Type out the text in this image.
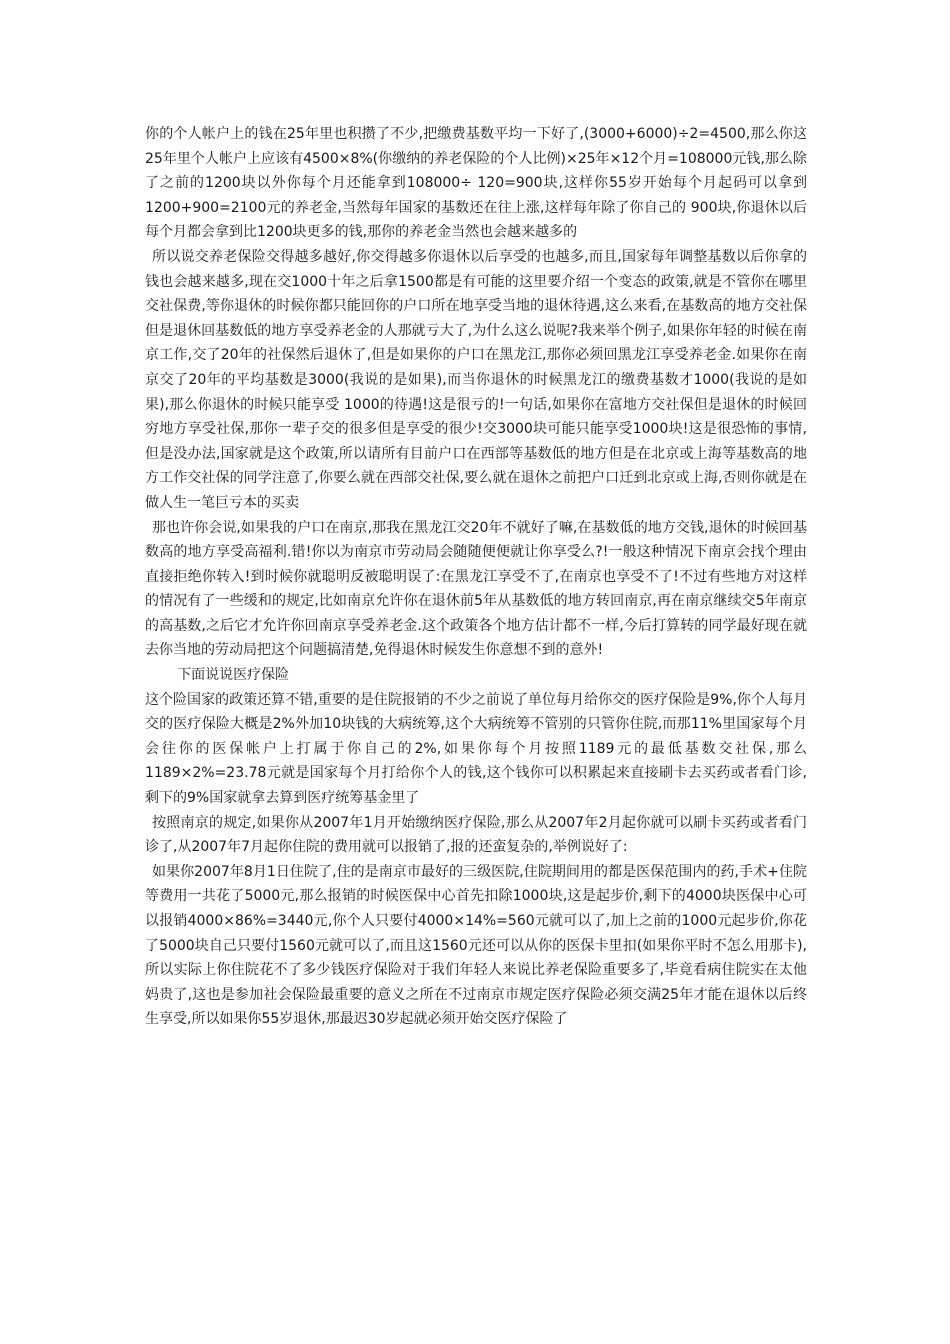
你的个人帐户上的钱在25年里也积攒了不少,把缴费基数平均一下好了,(3000+6000)÷2=4500,那么你这25年里个人帐户上应该有4500×8%(你缴纳的养老保险的个人比例)×25年×12个月=108000元钱,那么除了之前的1200块以外你每个月还能拿到108000÷ 120=900块,这样你55岁开始每个月起码可以拿到1200+900=2100元的养老金,当然每年国家的基数还在往上涨,这样每年除了你自己的 900块,你退休以后每个月都会拿到比1200块更多的钱,那你的养老金当然也会越来越多的

所以说交养老保险交得越多越好,你交得越多你退休以后享受的也越多,而且,国家每年调整基数以后你拿的钱也会越来越多,现在交1000十年之后拿1500都是有可能的这里要介绍一个变态的政策,就是不管你在哪里交社保费,等你退休的时候你都只能回你的户口所在地享受当地的退休待遇,这么来看,在基数高的地方交社保但是退休回基数低的地方享受养老金的人那就亏大了,为什么这么说呢?我来举个例子,如果你年轻的时候在南京工作,交了20年的社保然后退休了,但是如果你的户口在黑龙江,那你必须回黑龙江享受养老金.如果你在南京交了20年的平均基数是3000(我说的是如果),而当你退休的时候黑龙江的缴费基数才1000(我说的是如果),那么你退休的时候只能享受 1000的待遇!这是很亏的!一句话,如果你在富地方交社保但是退休的时候回穷地方享受社保,那你一辈子交的很多但是享受的很少!交3000块可能只能享受1000块!这是很恐怖的事情,但是没办法,国家就是这个政策,所以请所有目前户口在西部等基数低的地方但是在北京或上海等基数高的地方工作交社保的同学注意了,你要么就在西部交社保,要么就在退休之前把户口迁到北京或上海,否则你就是在做人生一笔巨亏本的买卖

那也许你会说,如果我的户口在南京,那我在黑龙江交20年不就好了嘛,在基数低的地方交钱,退休的时候回基数高的地方享受高福利.错!你以为南京市劳动局会随随便便就让你享受么?!一般这种情况下南京会找个理由直接拒绝你转入!到时候你就聪明反被聪明误了:在黑龙江享受不了,在南京也享受不了!不过有些地方对这样的情况有了一些缓和的规定,比如南京允许你在退休前5年从基数低的地方转回南京,再在南京继续交5年南京的高基数,之后它才允许你回南京享受养老金.这个政策各个地方估计都不一样,今后打算转的同学最好现在就去你当地的劳动局把这个问题搞清楚,免得退休时候发生你意想不到的意外!

下面说说医疗保险

这个险国家的政策还算不错,重要的是住院报销的不少之前说了单位每月给你交的医疗保险是9%,你个人每月交的医疗保险大概是2%外加10块钱的大病统筹,这个大病统筹不管别的只管你住院,而那11%里国家每个月会往你的医保帐户上打属于你自己的2%,如果你每个月按照1189元的最低基数交社保,那么1189×2%=23.78元就是国家每个月打给你个人的钱,这个钱你可以积累起来直接刷卡去买药或者看门诊,剩下的9%国家就拿去算到医疗统筹基金里了

按照南京的规定,如果你从2007年1月开始缴纳医疗保险,那么从2007年2月起你就可以刷卡买药或者看门诊了,从2007年7月起你住院的费用就可以报销了,报的还蛮复杂的,举例说好了:

如果你2007年8月1日住院了,住的是南京市最好的三级医院,住院期间用的都是医保范围内的药,手术+住院等费用一共花了5000元,那么报销的时候医保中心首先扣除1000块,这是起步价,剩下的4000块医保中心可以报销4000×86%=3440元,你个人只要付4000×14%=560元就可以了,加上之前的1000元起步价,你花了5000块自己只要付1560元就可以了,而且这1560元还可以从你的医保卡里扣(如果你平时不怎么用那卡), 所以实际上你住院花不了多少钱医疗保险对于我们年轻人来说比养老保险重要多了,毕竟看病住院实在太他妈贵了,这也是参加社会保险最重要的意义之所在不过南京市规定医疗保险必须交满25年才能在退休以后终生享受,所以如果你55岁退休,那最迟30岁起就必须开始交医疗保险了
